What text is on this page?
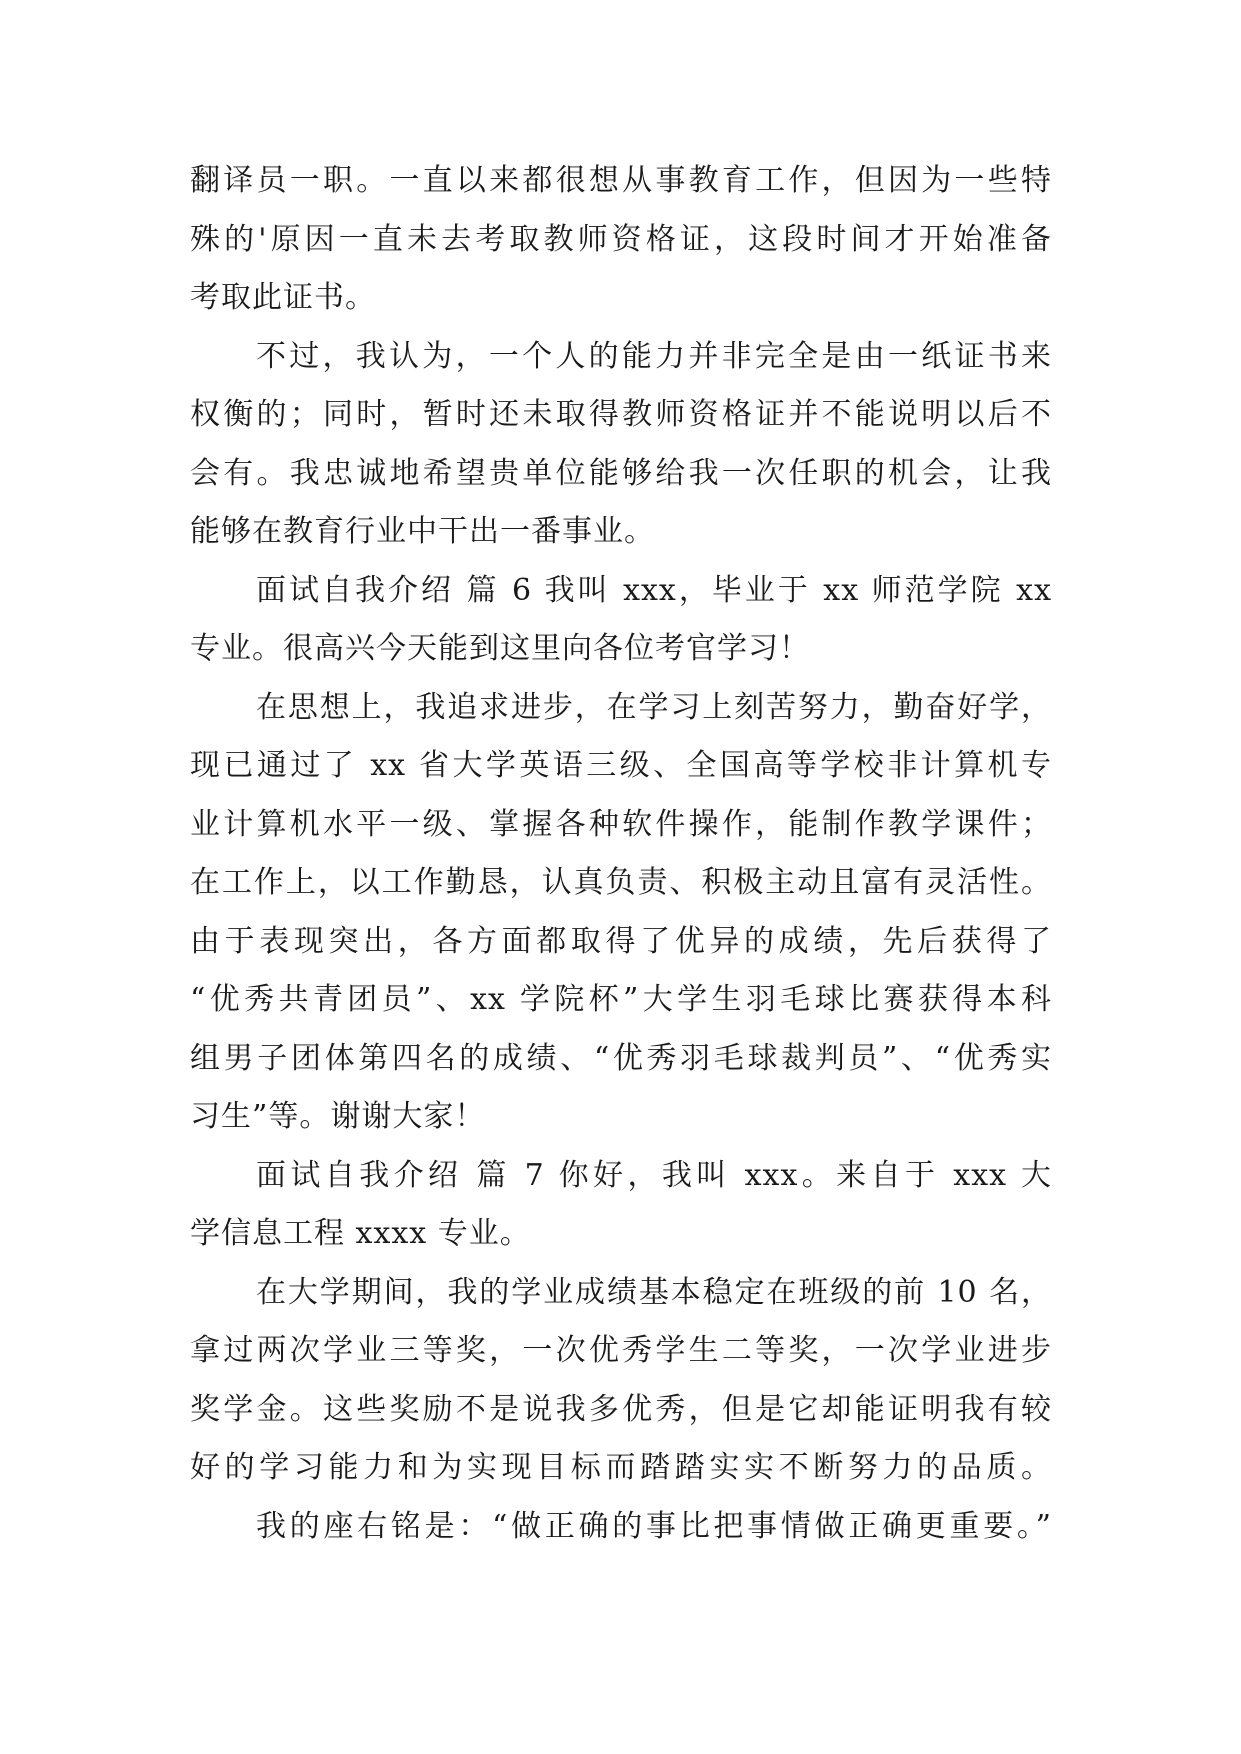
翻译员一职。一直以来都很想从事教育工作，但因为一些特
殊的'原因一直未去考取教师资格证，这段时间才开始准备
考取此证书。
不过，我认为，一个人的能力并非完全是由一纸证书来
权衡的；同时，暂时还未取得教师资格证并不能说明以后不
会有。我忠诚地希望贵单位能够给我一次任职的机会，让我
能够在教育行业中干出一番事业。
面试自我介绍 篇 6 我叫 xxx，毕业于 xx 师范学院 xx
专业。很高兴今天能到这里向各位考官学习！
在思想上，我追求进步，在学习上刻苦努力，勤奋好学，
现已通过了 xx 省大学英语三级、全国高等学校非计算机专
业计算机水平一级、掌握各种软件操作，能制作教学课件；
在工作上，以工作勤恳，认真负责、积极主动且富有灵活性。
由于表现突出，各方面都取得了优异的成绩，先后获得了
“优秀共青团员”、xx 学院杯”大学生羽毛球比赛获得本科
组男子团体第四名的成绩、“优秀羽毛球裁判员”、“优秀实
习生”等。谢谢大家！
面试自我介绍 篇 7 你好，我叫 xxx。来自于 xxx 大
学信息工程 xxxx 专业。
在大学期间，我的学业成绩基本稳定在班级的前 10 名，
拿过两次学业三等奖，一次优秀学生二等奖，一次学业进步
奖学金。这些奖励不是说我多优秀，但是它却能证明我有较
好的学习能力和为实现目标而踏踏实实不断努力的品质。
我的座右铭是：“做正确的事比把事情做正确更重要。”
